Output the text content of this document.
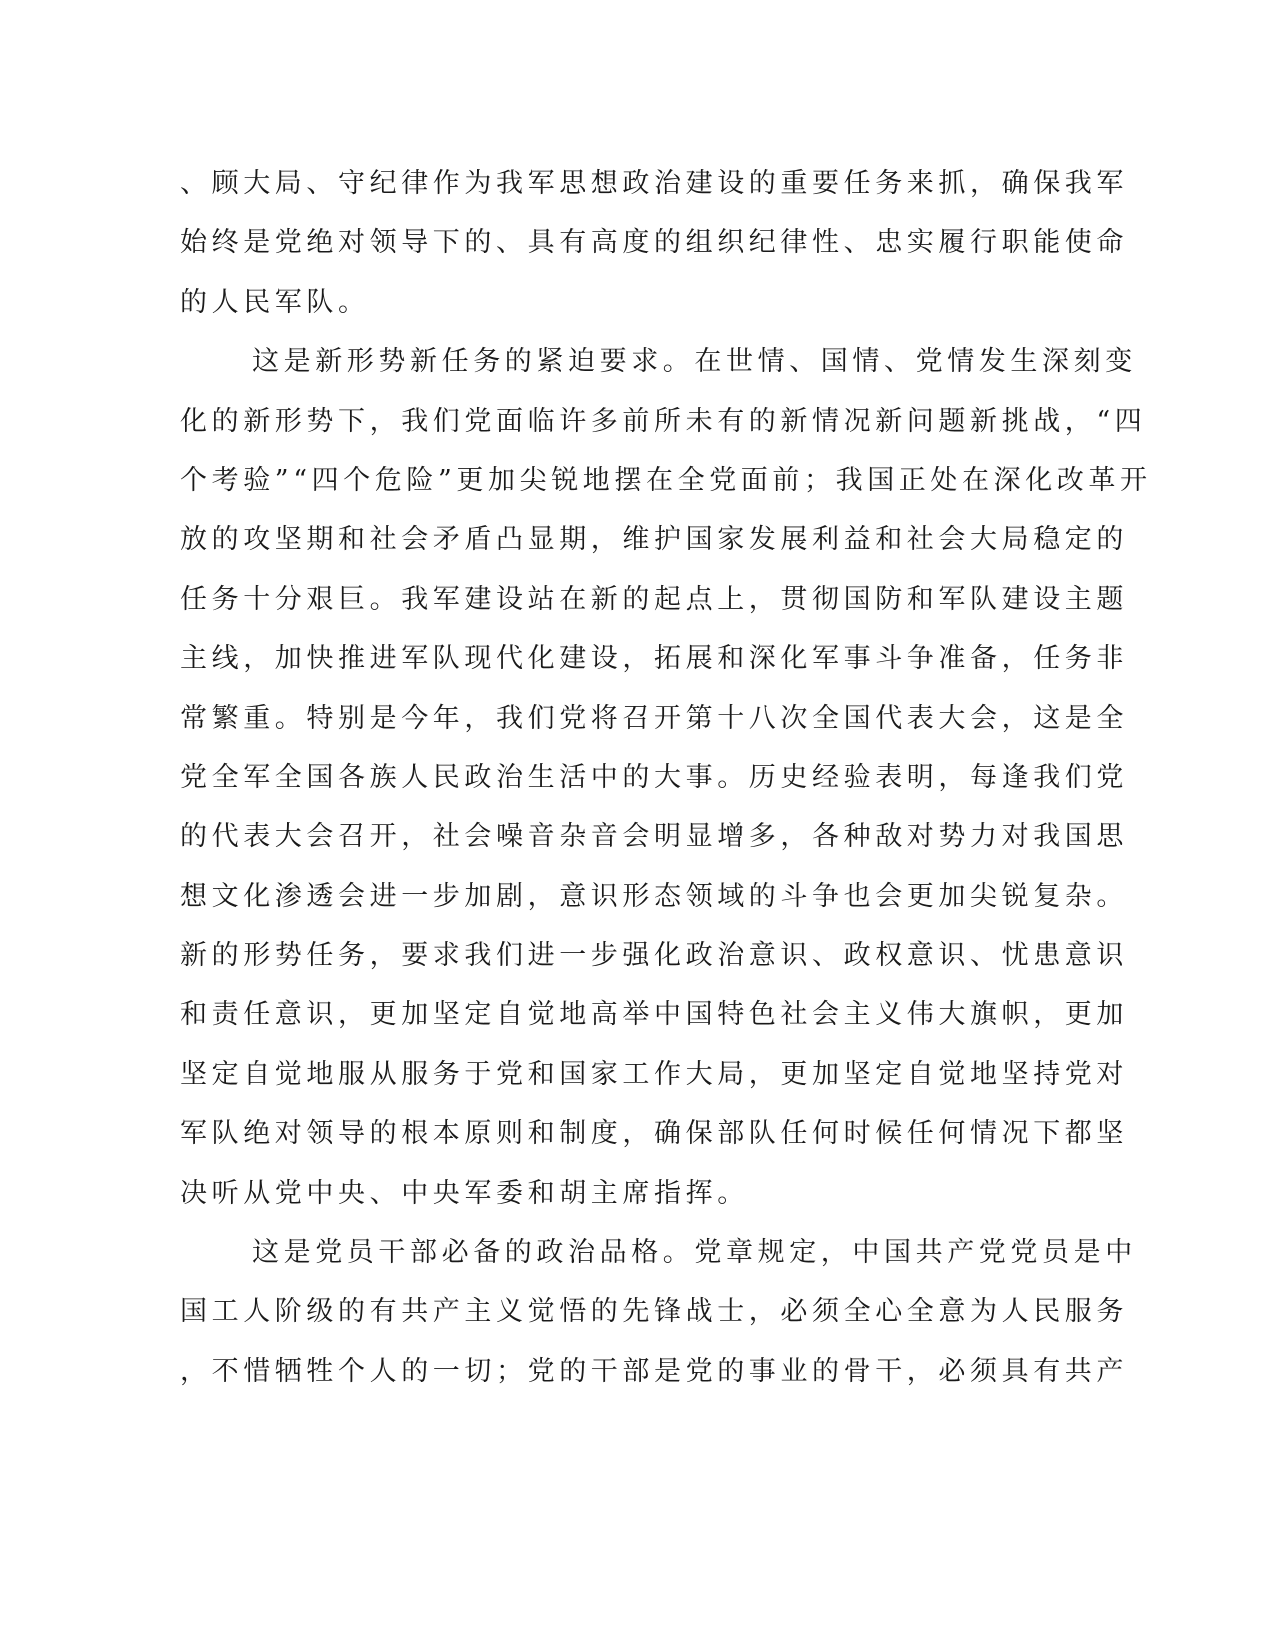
、顾大局、守纪律作为我军思想政治建设的重要任务来抓，确保我军
始终是党绝对领导下的、具有高度的组织纪律性、忠实履行职能使命
的人民军队。
这是新形势新任务的紧迫要求。在世情、国情、党情发生深刻变
化的新形势下，我们党面临许多前所未有的新情况新问题新挑战，“四
个考验”“四个危险”更加尖锐地摆在全党面前；我国正处在深化改革开
放的攻坚期和社会矛盾凸显期，维护国家发展利益和社会大局稳定的
任务十分艰巨。我军建设站在新的起点上，贯彻国防和军队建设主题
主线，加快推进军队现代化建设，拓展和深化军事斗争准备，任务非
常繁重。特别是今年，我们党将召开第十八次全国代表大会，这是全
党全军全国各族人民政治生活中的大事。历史经验表明，每逢我们党
的代表大会召开，社会噪音杂音会明显增多，各种敌对势力对我国思
想文化渗透会进一步加剧，意识形态领域的斗争也会更加尖锐复杂。
新的形势任务，要求我们进一步强化政治意识、政权意识、忧患意识
和责任意识，更加坚定自觉地高举中国特色社会主义伟大旗帜，更加
坚定自觉地服从服务于党和国家工作大局，更加坚定自觉地坚持党对
军队绝对领导的根本原则和制度，确保部队任何时候任何情况下都坚
决听从党中央、中央军委和胡主席指挥。
这是党员干部必备的政治品格。党章规定，中国共产党党员是中
国工人阶级的有共产主义觉悟的先锋战士，必须全心全意为人民服务
，不惜牺牲个人的一切；党的干部是党的事业的骨干，必须具有共产
